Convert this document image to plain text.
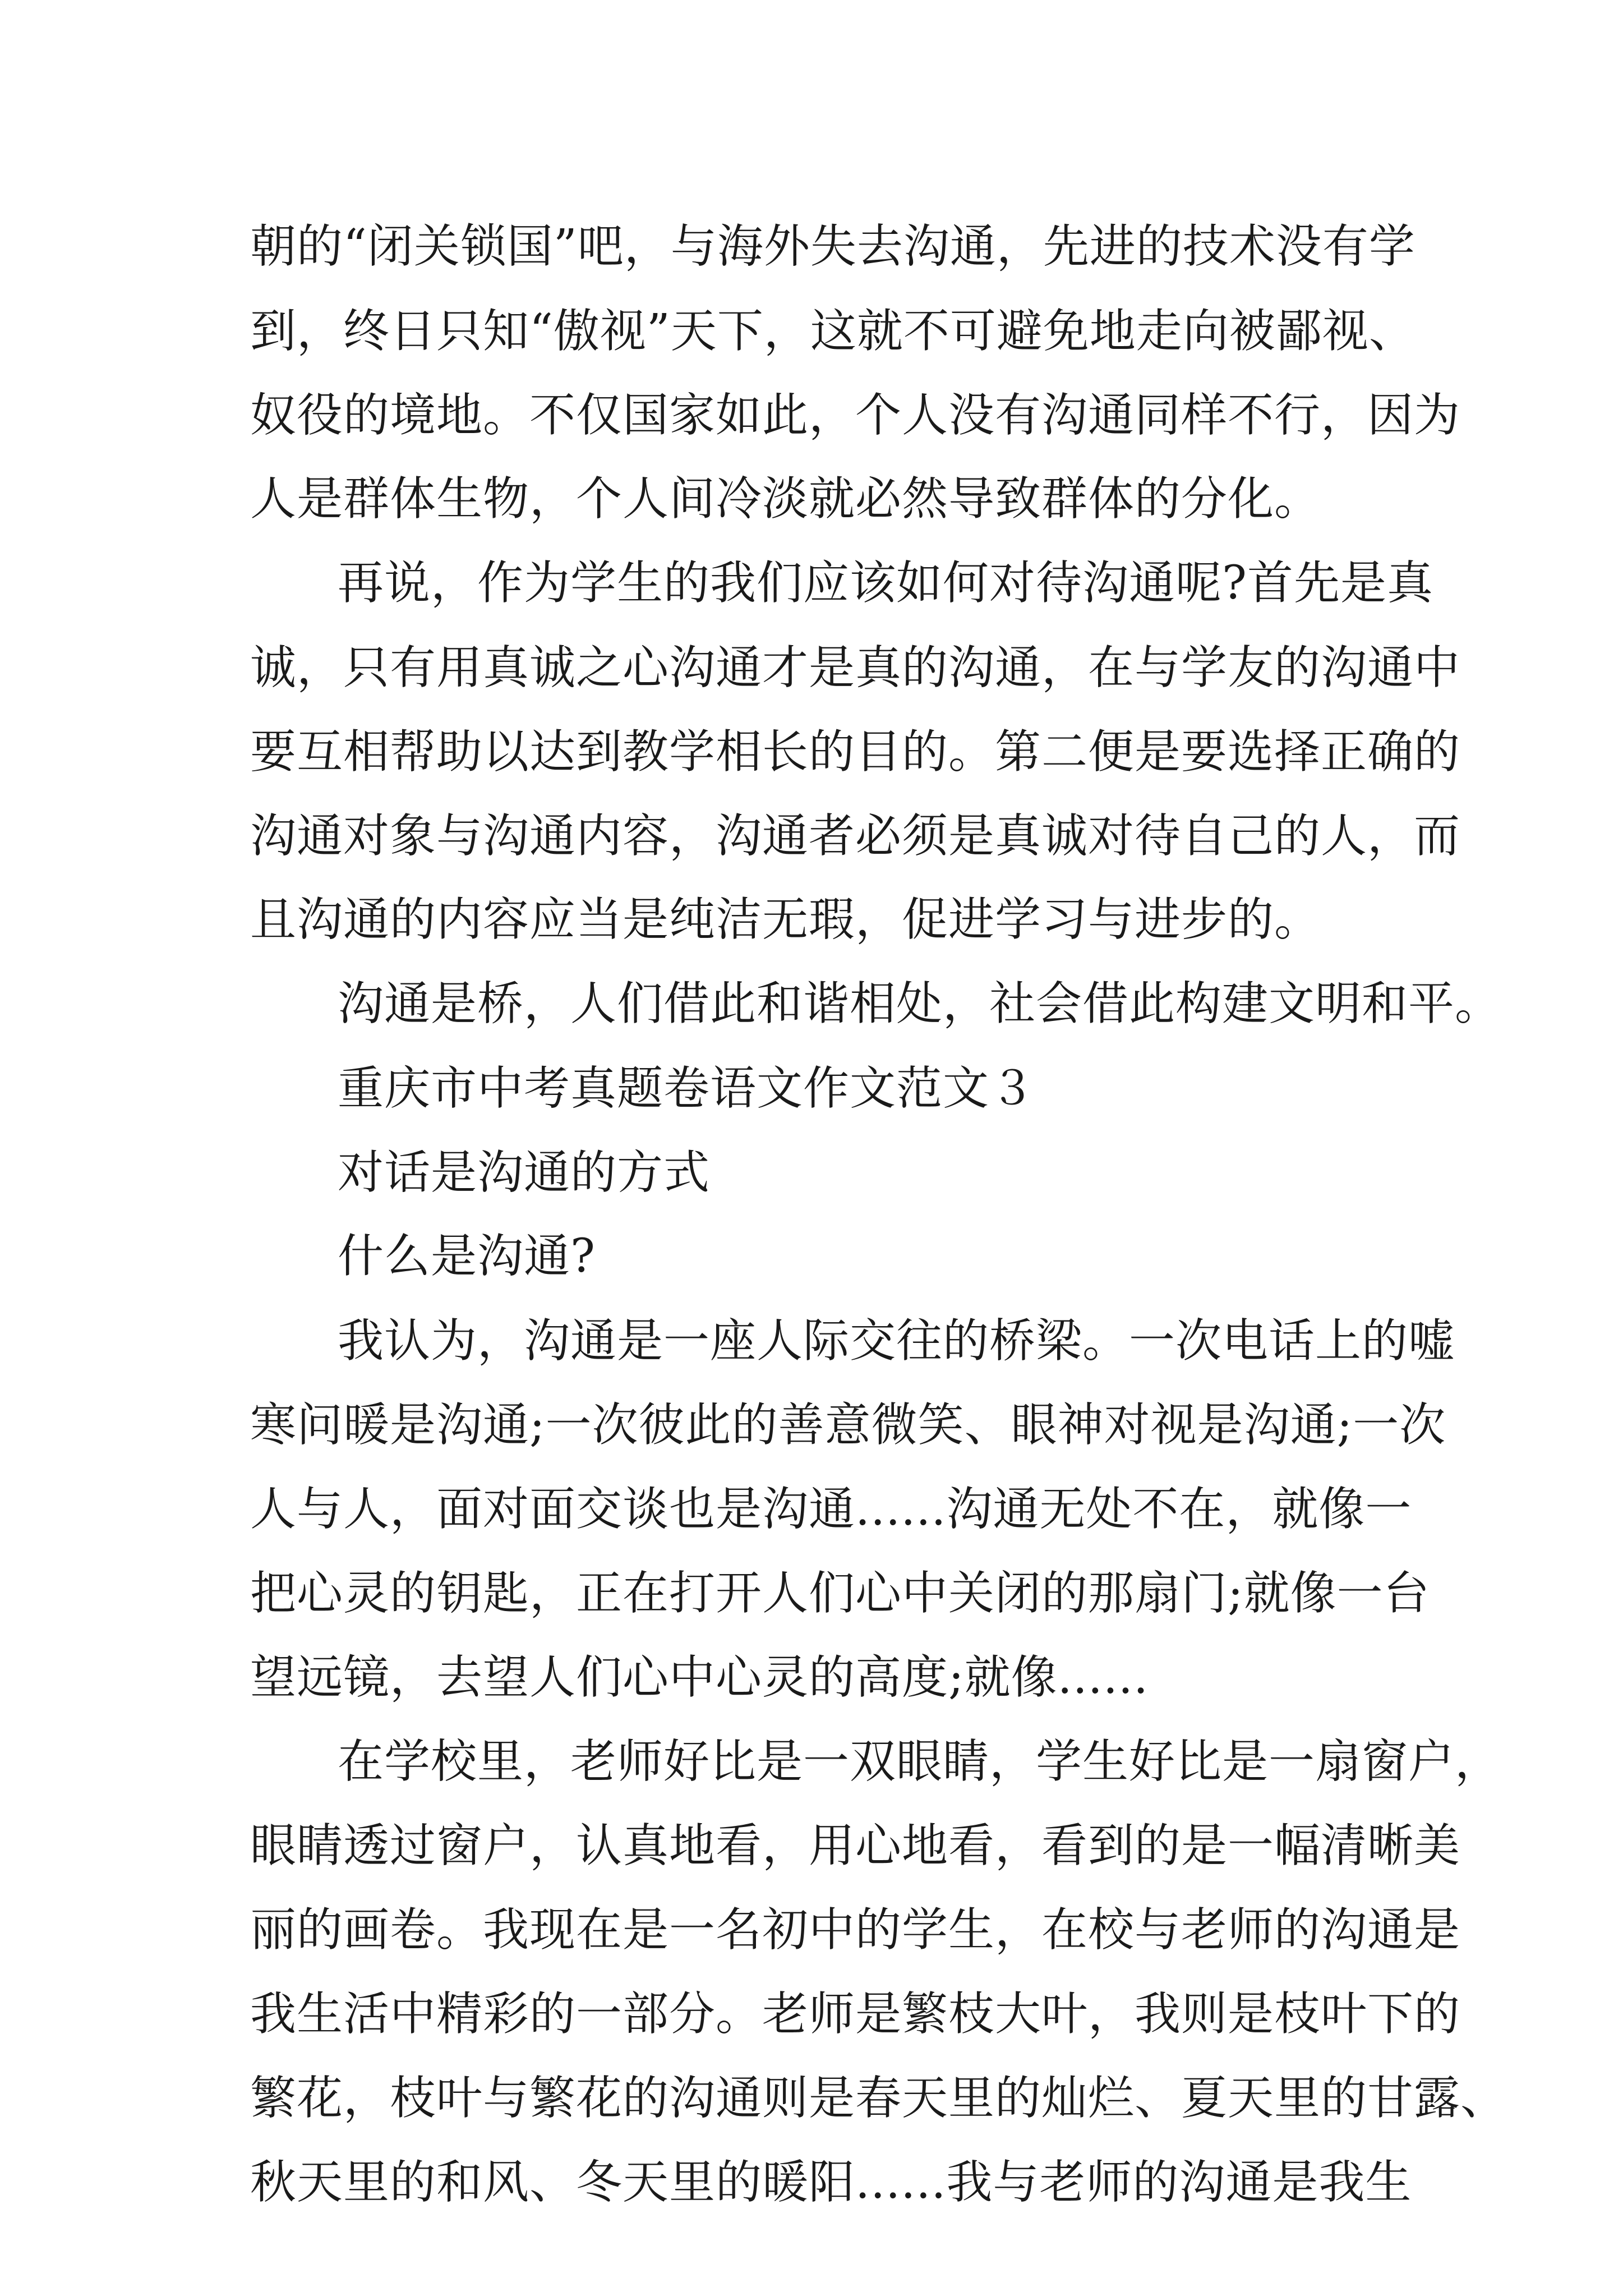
朝的“闭关锁国”吧，与海外失去沟通，先进的技术没有学
到，终日只知“傲视”天下，这就不可避免地走向被鄙视、
奴役的境地。不仅国家如此，个人没有沟通同样不行，因为
人是群体生物，个人间冷淡就必然导致群体的分化。
再说，作为学生的我们应该如何对待沟通呢?首先是真
诚，只有用真诚之心沟通才是真的沟通，在与学友的沟通中
要互相帮助以达到教学相长的目的。第二便是要选择正确的
沟通对象与沟通内容，沟通者必须是真诚对待自己的人，而
且沟通的内容应当是纯洁无瑕，促进学习与进步的。
沟通是桥，人们借此和谐相处，社会借此构建文明和平。
重庆市中考真题卷语文作文范文３
对话是沟通的方式
什么是沟通?
我认为，沟通是一座人际交往的桥梁。一次电话上的嘘
寒问暖是沟通;一次彼此的善意微笑、眼神对视是沟通;一次
人与人，面对面交谈也是沟通......沟通无处不在，就像一
把心灵的钥匙，正在打开人们心中关闭的那扇门;就像一台
望远镜，去望人们心中心灵的高度;就像......
在学校里，老师好比是一双眼睛，学生好比是一扇窗户，
眼睛透过窗户，认真地看，用心地看，看到的是一幅清晰美
丽的画卷。我现在是一名初中的学生，在校与老师的沟通是
我生活中精彩的一部分。老师是繁枝大叶，我则是枝叶下的
繁花，枝叶与繁花的沟通则是春天里的灿烂、夏天里的甘露、
秋天里的和风、冬天里的暖阳......我与老师的沟通是我生
